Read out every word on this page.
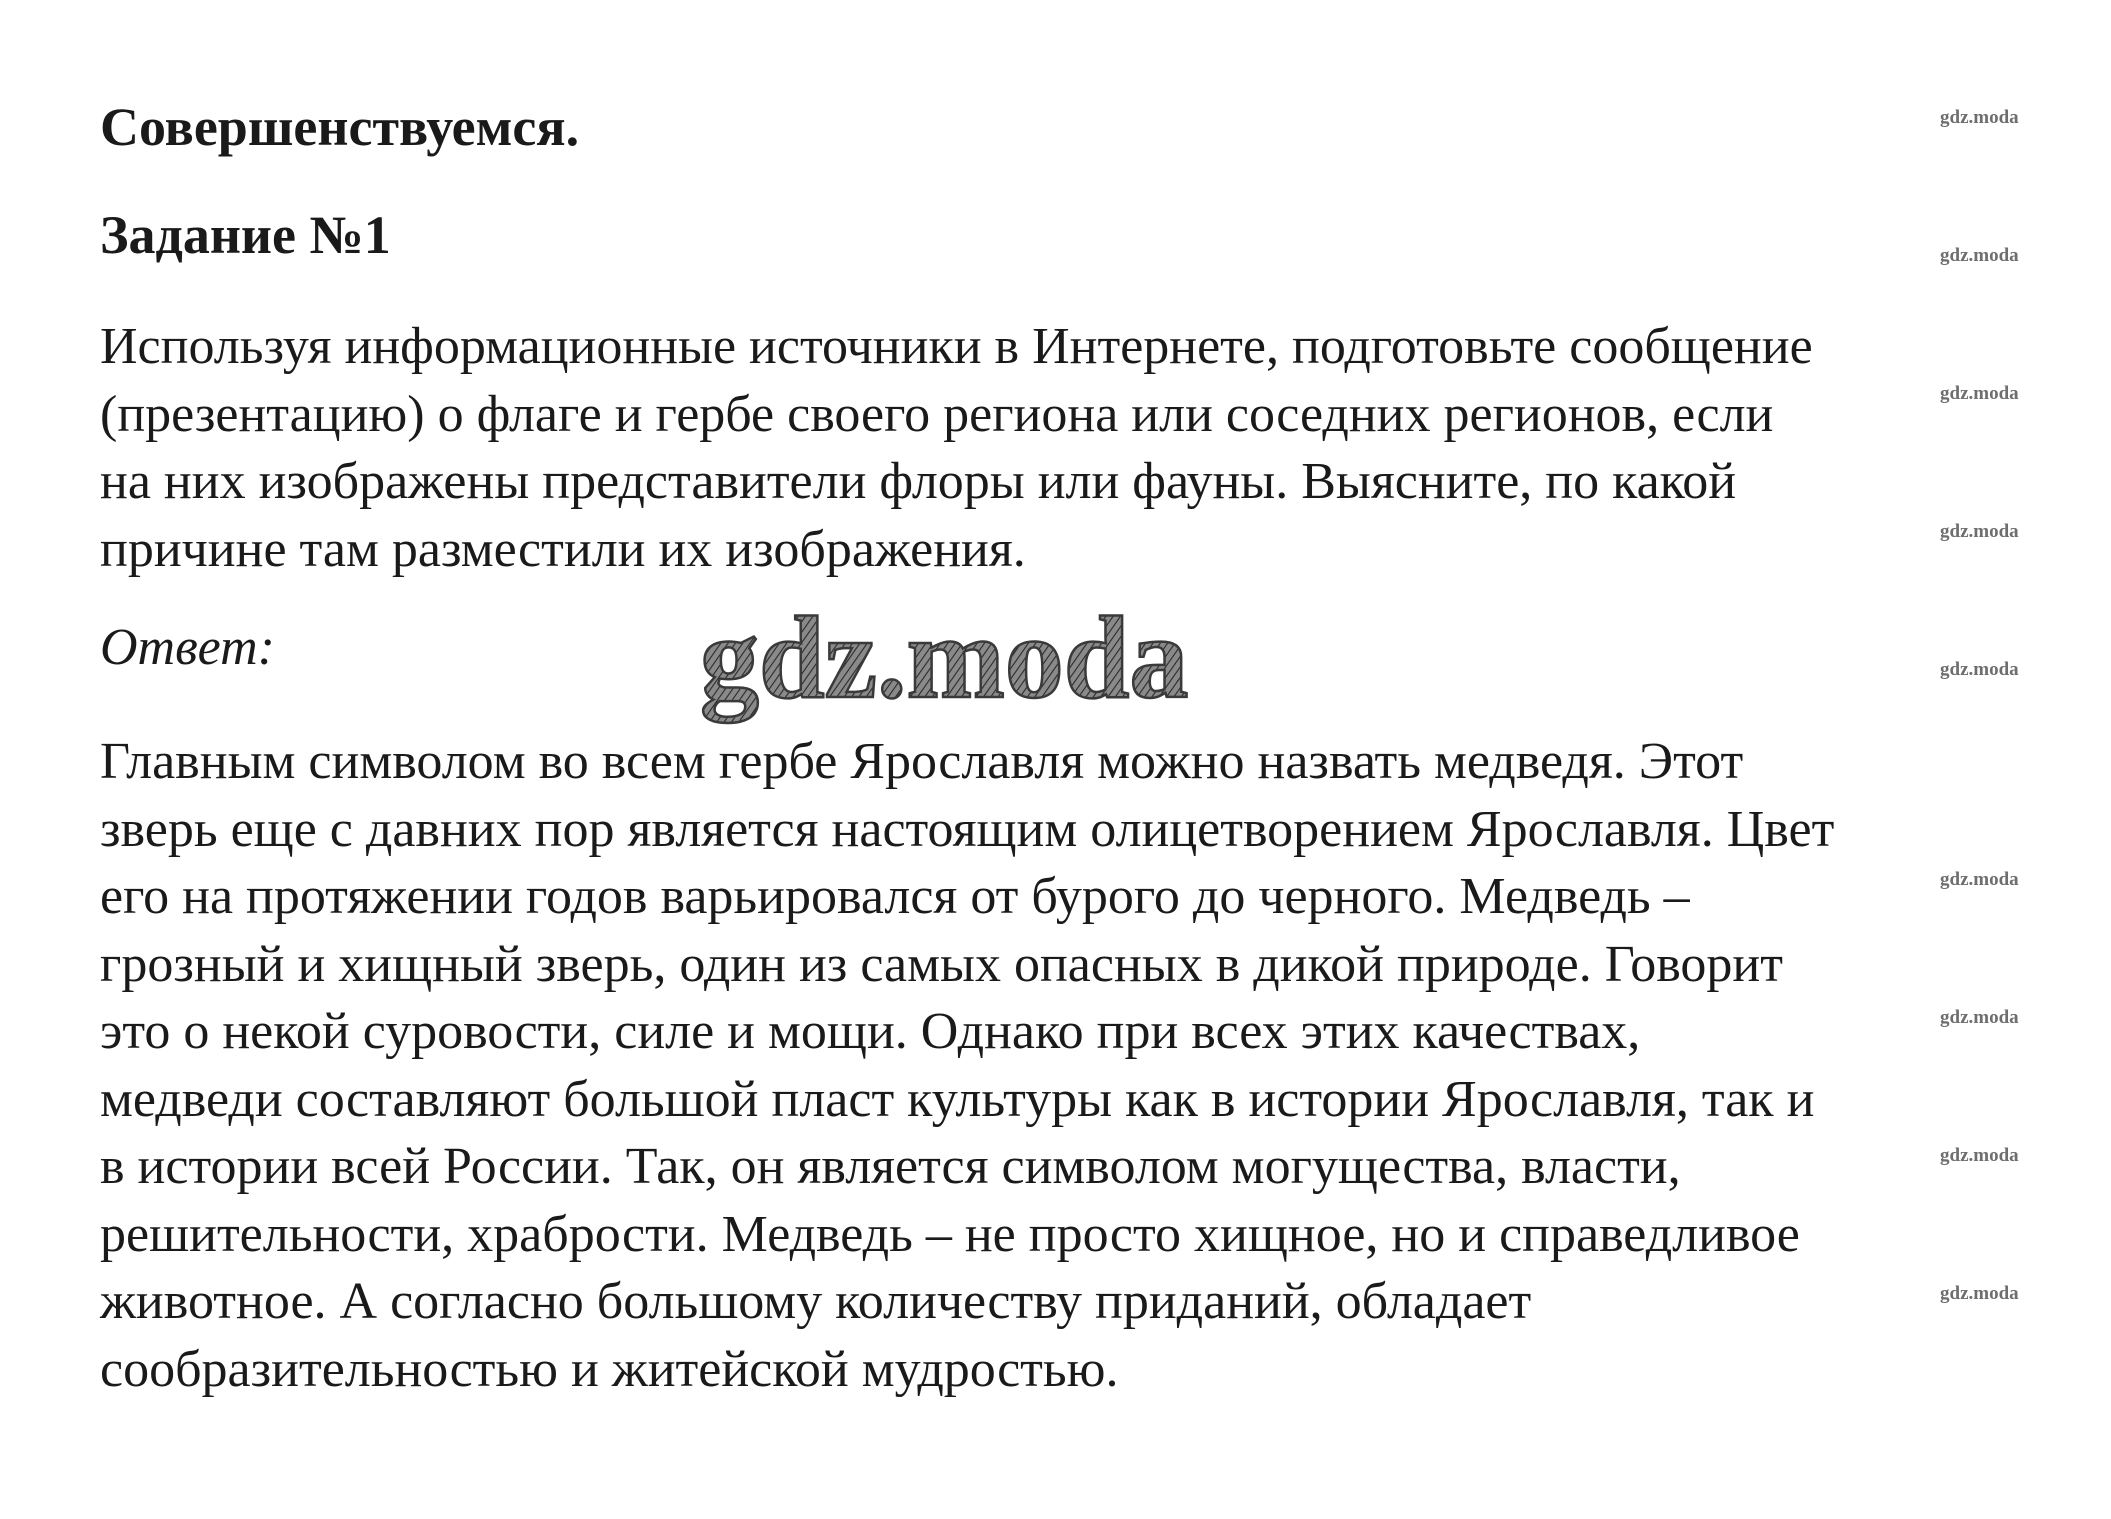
Совершенствуемся.
Задание №1
Используя информационные источники в Интернете, подготовьте сообщение
(презентацию) о флаге и гербе своего региона или соседних регионов, если
на них изображены представители флоры или фауны. Выясните, по какой
причине там разместили их изображения.
Ответ:
Главным символом во всем гербе Ярославля можно назвать медведя. Этот
зверь еще с давних пор является настоящим олицетворением Ярославля. Цвет
его на протяжении годов варьировался от бурого до черного. Медведь –
грозный и хищный зверь, один из самых опасных в дикой природе. Говорит
это о некой суровости, силе и мощи. Однако при всех этих качествах,
медведи составляют большой пласт культуры как в истории Ярославля, так и
в истории всей России. Так, он является символом могущества, власти,
решительности, храбрости. Медведь – не просто хищное, но и справедливое
животное. А согласно большому количеству приданий, обладает
сообразительностью и житейской мудростью.
gdz.moda
gdz.moda
gdz.moda
gdz.moda
gdz.moda
gdz.moda
gdz.moda
gdz.moda
gdz.moda
gdz.moda
